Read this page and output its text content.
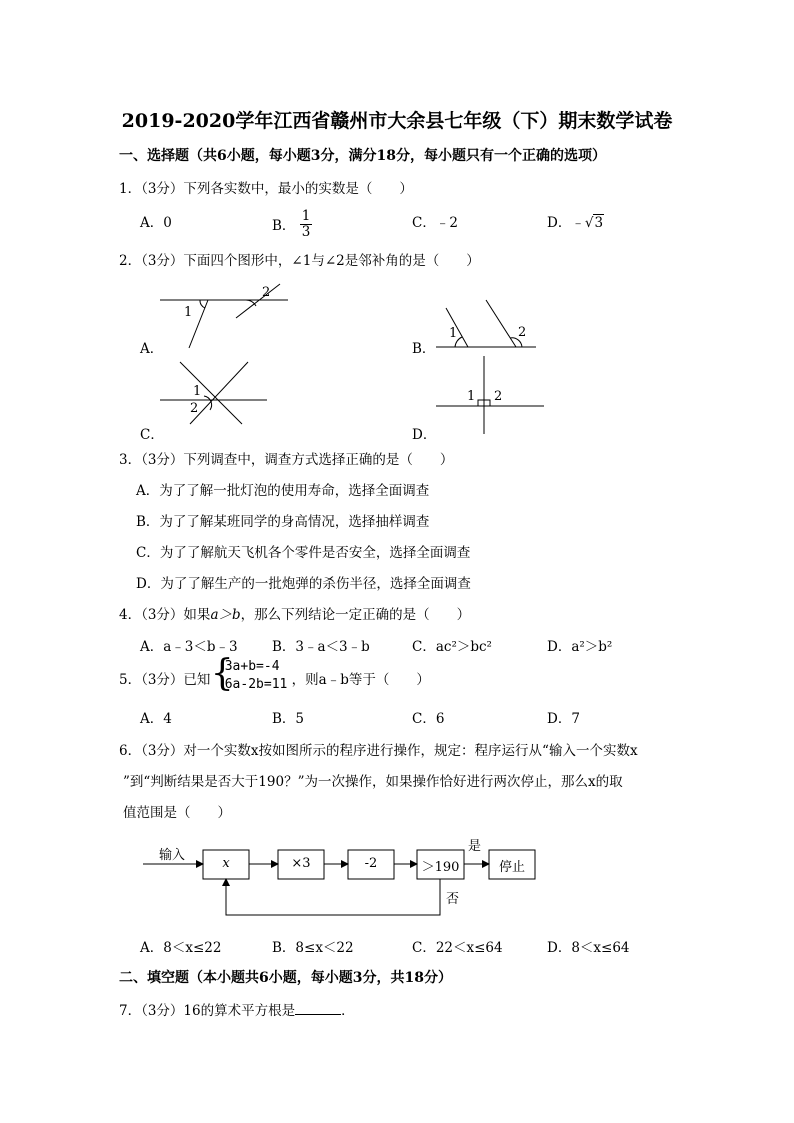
2019-2020学年江西省赣州市大余县七年级（下）期末数学试卷
一、选择题（共6小题，每小题3分，满分18分，每小题只有一个正确的选项）
1．（3分）下列各实数中，最小的实数是（　　）
A．0	B． $\frac{1}{3}$	C．﹣2	D．﹣√3
2．（3分）下面四个图形中，∠1与∠2是邻补角的是（　　）
1
2
A．
1	2
B．
1
2
C．
1 2
D．
3．（3分）下列调查中，调查方式选择正确的是（　　）
A．为了了解一批灯泡的使用寿命，选择全面调查
B．为了了解某班同学的身高情况，选择抽样调查
C．为了了解航天飞机各个零件是否安全，选择全面调查
D．为了了解生产的一批炮弹的杀伤半径，选择全面调查
4．（3分）如果a＞b，那么下列结论一定正确的是（　　）
A．a﹣3＜b﹣3	B．3﹣a＜3﹣b	C．ac²＞bc²	D．a²＞b²
5．（3分）已知 {
3a+b=-4
6a-2b=11 ，则a﹣b等于（　　）
A．4	B．5	C．6	D．7
6．（3分）对一个实数x按如图所示的程序进行操作，规定：程序运行从“输入一个实数x
”到“判断结果是否大于190？”为一次操作，如果操作恰好进行两次停止，那么x的取
值范围是（　　）
输入
x	×3	-2	＞190	停止
是
否
A．8＜x≤22	B．8≤x＜22	C．22＜x≤64	D．8＜x≤64
二、填空题（本小题共6小题，每小题3分，共18分）
7．（3分）16的算术平方根是	．
